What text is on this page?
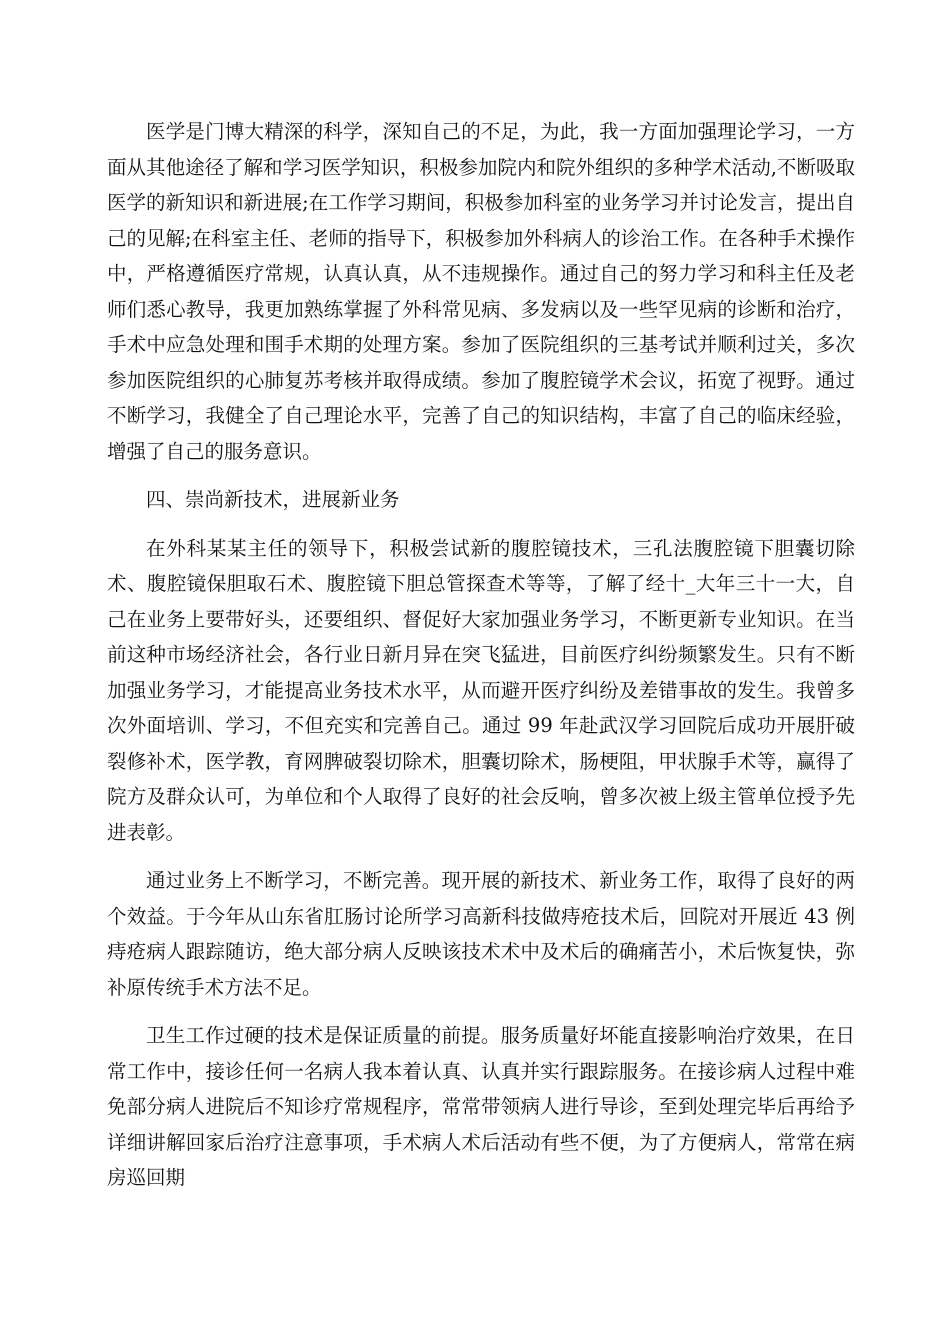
医学是门博大精深的科学，深知自己的不足，为此，我一方面加强理论学习，一方面从其他途径了解和学习医学知识，积极参加院内和院外组织的多种学术活动,不断吸取医学的新知识和新进展;在工作学习期间，积极参加科室的业务学习并讨论发言，提出自己的见解;在科室主任、老师的指导下，积极参加外科病人的诊治工作。在各种手术操作中，严格遵循医疗常规，认真认真，从不违规操作。通过自己的努力学习和科主任及老师们悉心教导，我更加熟练掌握了外科常见病、多发病以及一些罕见病的诊断和治疗，手术中应急处理和围手术期的处理方案。参加了医院组织的三基考试并顺利过关，多次参加医院组织的心肺复苏考核并取得成绩。参加了腹腔镜学术会议，拓宽了视野。通过不断学习，我健全了自己理论水平，完善了自己的知识结构，丰富了自己的临床经验，增强了自己的服务意识。

四、崇尚新技术，进展新业务

在外科某某主任的领导下，积极尝试新的腹腔镜技术，三孔法腹腔镜下胆囊切除术、腹腔镜保胆取石术、腹腔镜下胆总管探查术等等，了解了经十_大年三十一大，自己在业务上要带好头，还要组织、督促好大家加强业务学习，不断更新专业知识。在当前这种市场经济社会，各行业日新月异在突飞猛进，目前医疗纠纷频繁发生。只有不断加强业务学习，才能提高业务技术水平，从而避开医疗纠纷及差错事故的发生。我曾多次外面培训、学习，不但充实和完善自己。通过 99 年赴武汉学习回院后成功开展肝破裂修补术，医学教，育网脾破裂切除术，胆囊切除术，肠梗阻，甲状腺手术等，赢得了院方及群众认可，为单位和个人取得了良好的社会反响，曾多次被上级主管单位授予先进表彰。

通过业务上不断学习，不断完善。现开展的新技术、新业务工作，取得了良好的两个效益。于今年从山东省肛肠讨论所学习高新科技做痔疮技术后，回院对开展近 43 例痔疮病人跟踪随访，绝大部分病人反映该技术术中及术后的确痛苦小，术后恢复快，弥补原传统手术方法不足。

卫生工作过硬的技术是保证质量的前提。服务质量好坏能直接影响治疗效果，在日常工作中，接诊任何一名病人我本着认真、认真并实行跟踪服务。在接诊病人过程中难免部分病人进院后不知诊疗常规程序，常常带领病人进行导诊，至到处理完毕后再给予详细讲解回家后治疗注意事项，手术病人术后活动有些不便，为了方便病人，常常在病房巡回期
